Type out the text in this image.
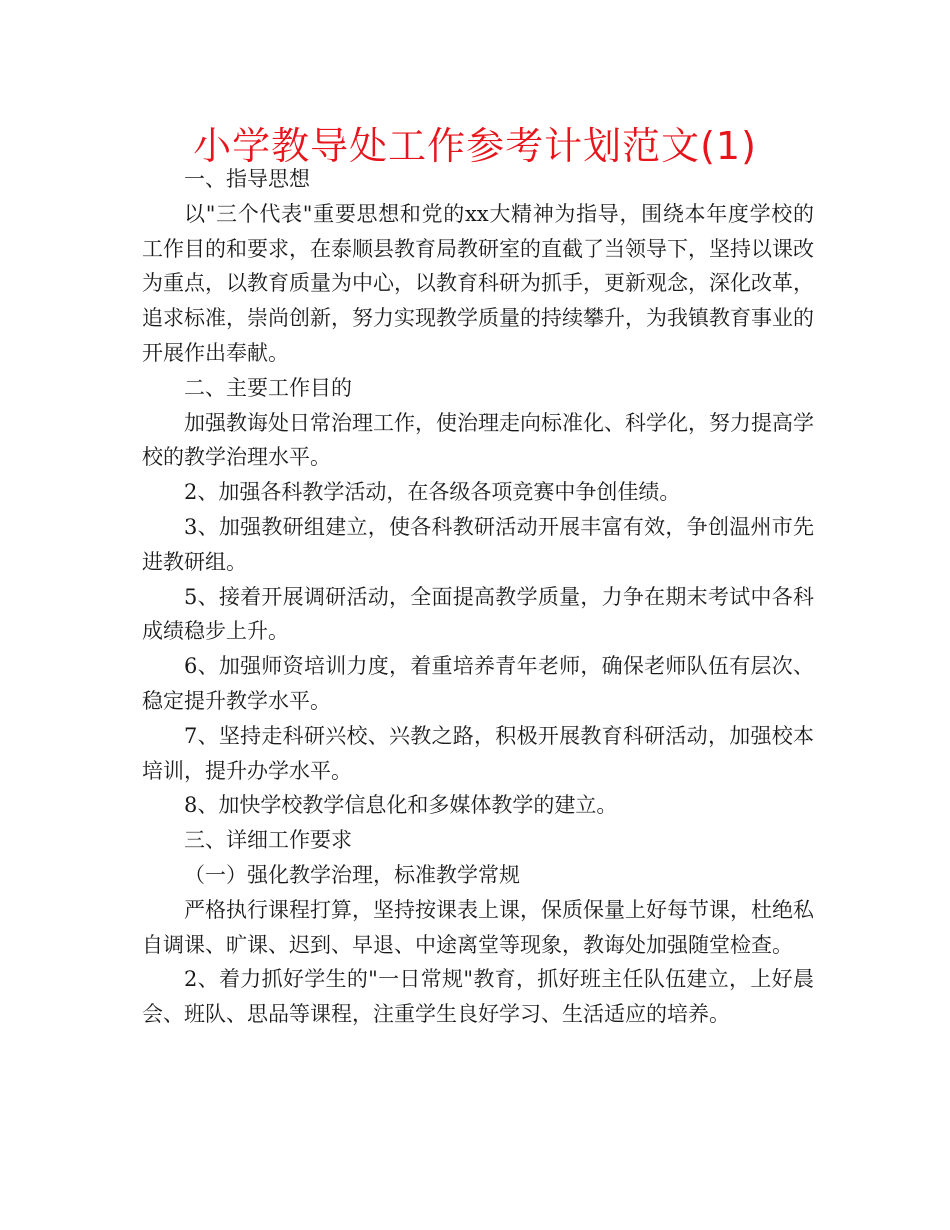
小学教导处工作参考计划范文(1)

一、指导思想

以"三个代表"重要思想和党的xx大精神为指导，围绕本年度学校的工作目的和要求，在泰顺县教育局教研室的直截了当领导下，坚持以课改为重点，以教育质量为中心，以教育科研为抓手，更新观念，深化改革，追求标准，崇尚创新，努力实现教学质量的持续攀升，为我镇教育事业的开展作出奉献。

二、主要工作目的

加强教诲处日常治理工作，使治理走向标准化、科学化，努力提高学校的教学治理水平。

2、加强各科教学活动，在各级各项竞赛中争创佳绩。

3、加强教研组建立，使各科教研活动开展丰富有效，争创温州市先进教研组。

5、接着开展调研活动，全面提高教学质量，力争在期末考试中各科成绩稳步上升。

6、加强师资培训力度，着重培养青年老师，确保老师队伍有层次、稳定提升教学水平。

7、坚持走科研兴校、兴教之路，积极开展教育科研活动，加强校本培训，提升办学水平。

8、加快学校教学信息化和多媒体教学的建立。

三、详细工作要求

（一）强化教学治理，标准教学常规

严格执行课程打算，坚持按课表上课，保质保量上好每节课，杜绝私自调课、旷课、迟到、早退、中途离堂等现象，教诲处加强随堂检查。

2、着力抓好学生的"一日常规"教育，抓好班主任队伍建立，上好晨会、班队、思品等课程，注重学生良好学习、生活适应的培养。
